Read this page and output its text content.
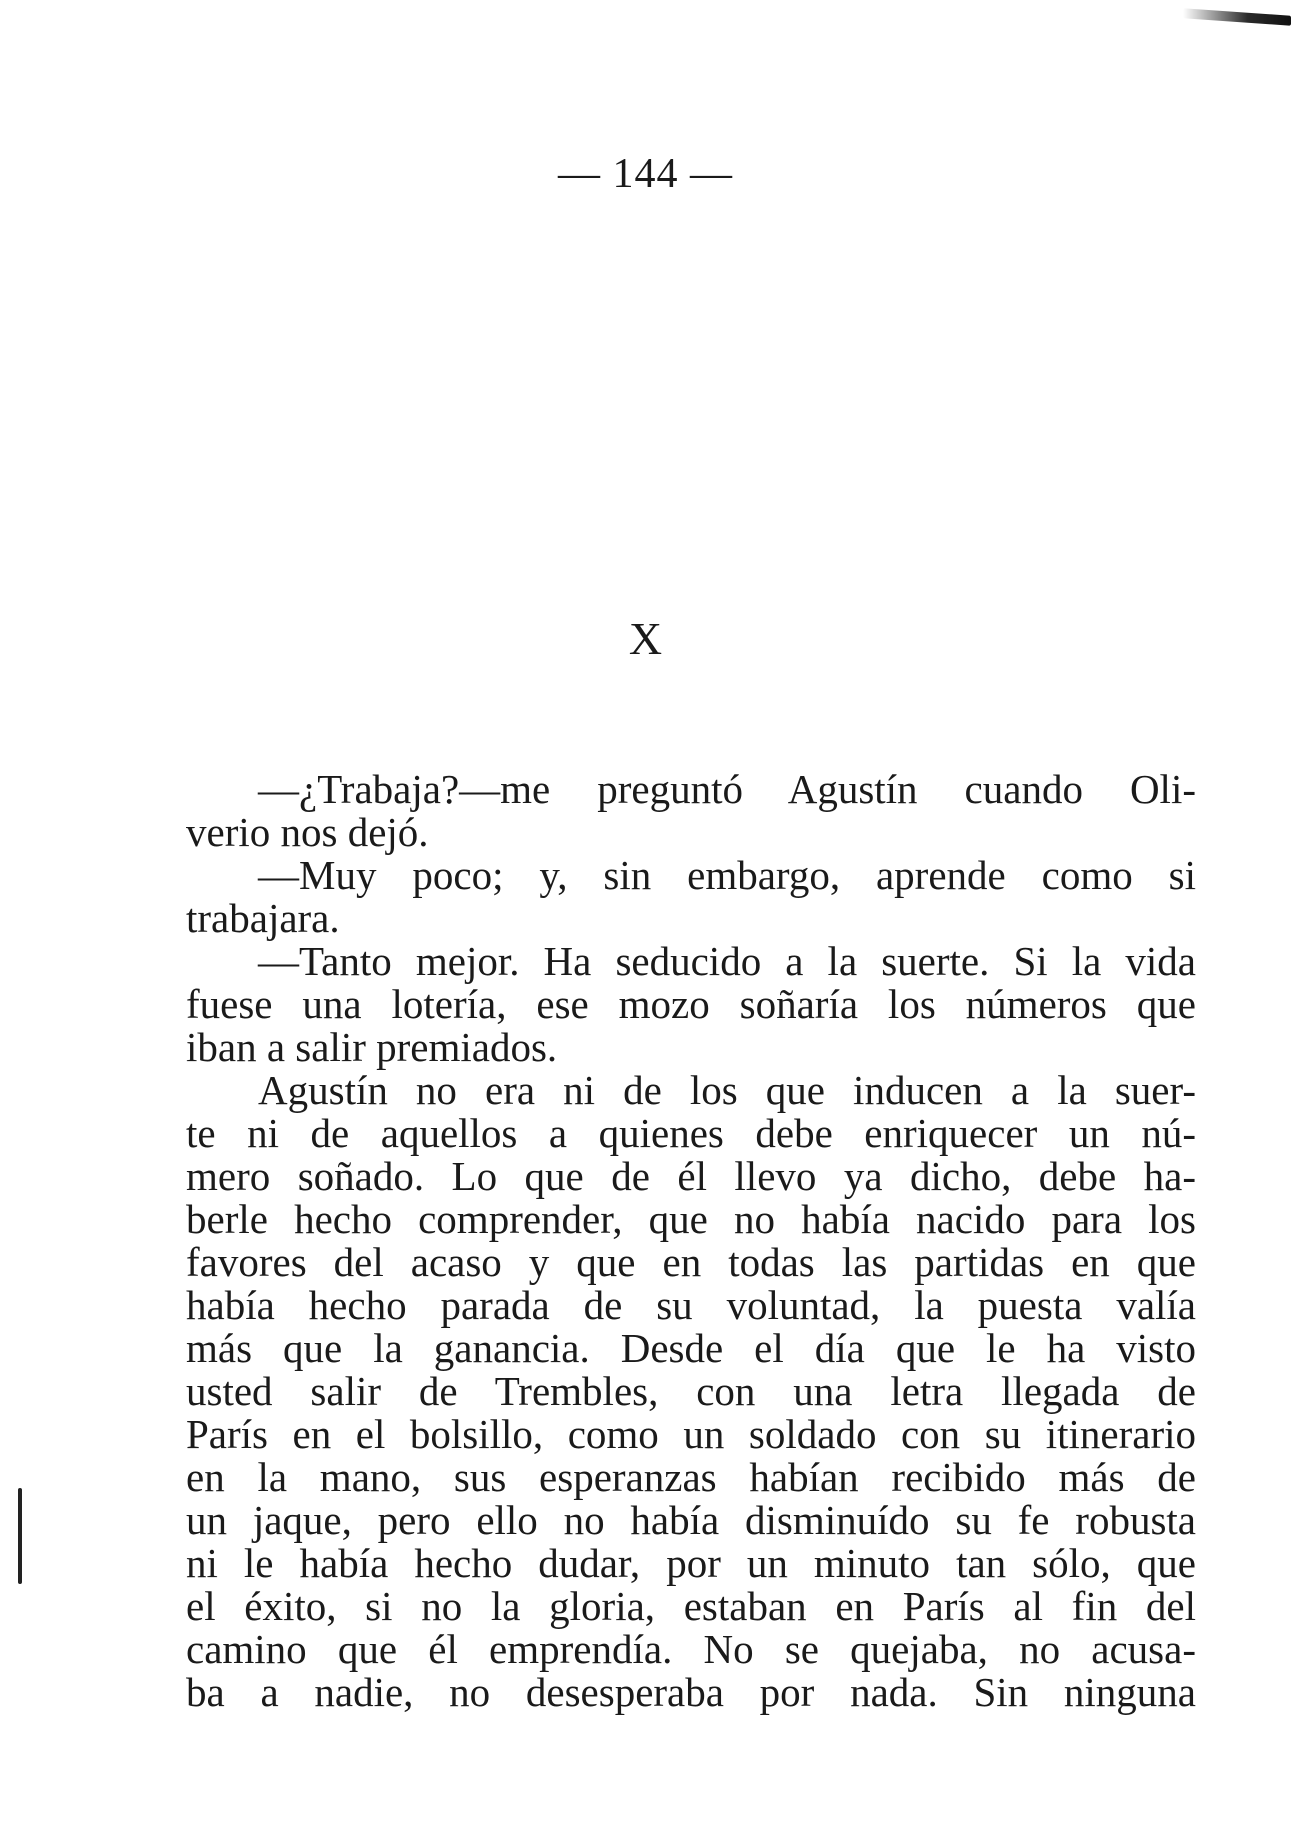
— 144 —
X
—¿Trabaja?—me preguntó Agustín cuando Oli-
verio nos dejó.
—Muy poco; y, sin embargo, aprende como si
trabajara.
—Tanto mejor. Ha seducido a la suerte. Si la vida
fuese una lotería, ese mozo soñaría los números que
iban a salir premiados.
Agustín no era ni de los que inducen a la suer-
te ni de aquellos a quienes debe enriquecer un nú-
mero soñado. Lo que de él llevo ya dicho, debe ha-
berle hecho comprender, que no había nacido para los
favores del acaso y que en todas las partidas en que
había hecho parada de su voluntad, la puesta valía
más que la ganancia. Desde el día que le ha visto
usted salir de Trembles, con una letra llegada de
París en el bolsillo, como un soldado con su itinerario
en la mano, sus esperanzas habían recibido más de
un jaque, pero ello no había disminuído su fe robusta
ni le había hecho dudar, por un minuto tan sólo, que
el éxito, si no la gloria, estaban en París al fin del
camino que él emprendía. No se quejaba, no acusa-
ba a nadie, no desesperaba por nada. Sin ninguna
